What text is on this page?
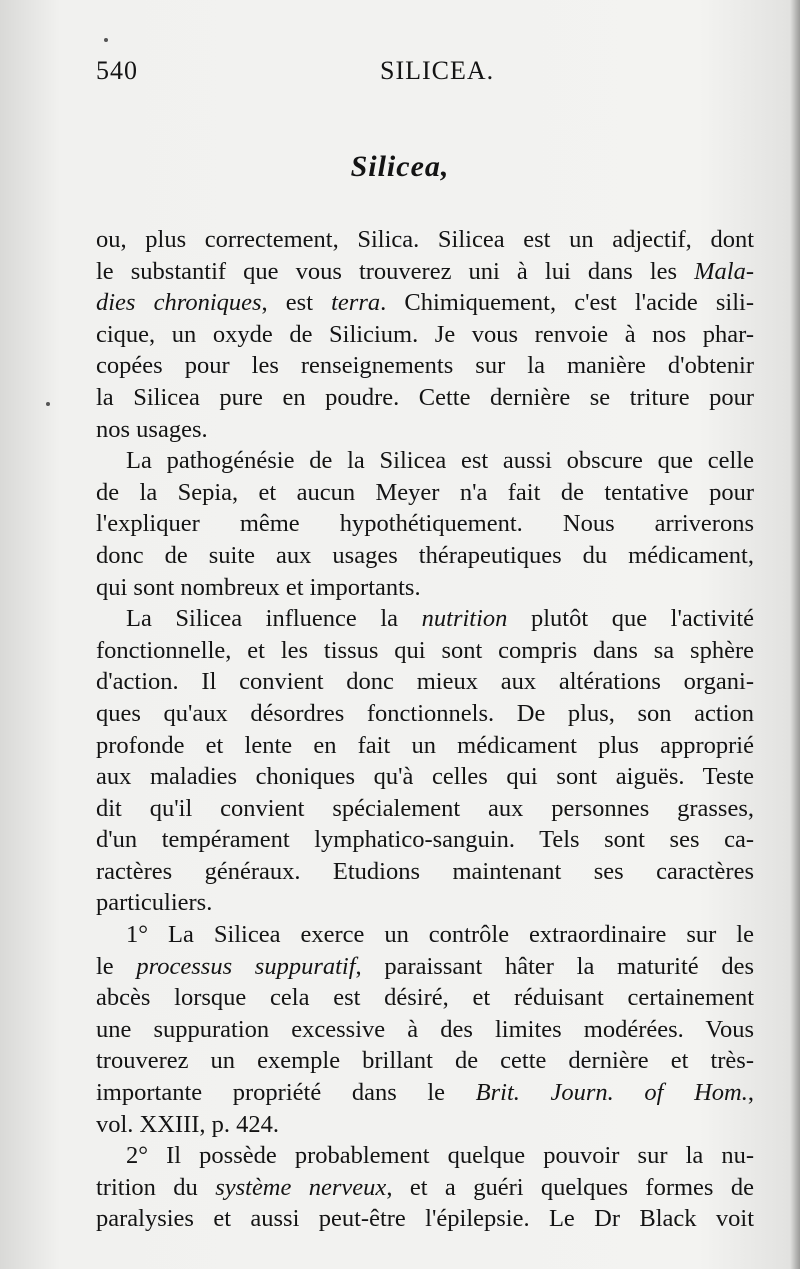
540	SILICEA.
Silicea,

ou, plus correctement, Silica. Silicea est un adjectif, dont
le substantif que vous trouverez uni à lui dans les Mala-
dies chroniques, est terra. Chimiquement, c'est l'acide sili-
cique, un oxyde de Silicium. Je vous renvoie à nos phar-
copées pour les renseignements sur la manière d'obtenir
la Silicea pure en poudre. Cette dernière se triture pour
nos usages.

La pathogénésie de la Silicea est aussi obscure que celle
de la Sepia, et aucun Meyer n'a fait de tentative pour
l'expliquer même hypothétiquement. Nous arriverons
donc de suite aux usages thérapeutiques du médicament,
qui sont nombreux et importants.

La Silicea influence la nutrition plutôt que l'activité
fonctionnelle, et les tissus qui sont compris dans sa sphère
d'action. Il convient donc mieux aux altérations organi-
ques qu'aux désordres fonctionnels. De plus, son action
profonde et lente en fait un médicament plus approprié
aux maladies choniques qu'à celles qui sont aiguës. Teste
dit qu'il convient spécialement aux personnes grasses,
d'un tempérament lymphatico-sanguin. Tels sont ses ca-
ractères généraux. Etudions maintenant ses caractères
particuliers.

1° La Silicea exerce un contrôle extraordinaire sur le
le processus suppuratif, paraissant hâter la maturité des
abcès lorsque cela est désiré, et réduisant certainement
une suppuration excessive à des limites modérées. Vous
trouverez un exemple brillant de cette dernière et très-
importante propriété dans le Brit. Journ. of Hom.,
vol. XXIII, p. 424.

2° Il possède probablement quelque pouvoir sur la nu-
trition du système nerveux, et a guéri quelques formes de
paralysies et aussi peut-être l'épilepsie. Le Dr Black voit
